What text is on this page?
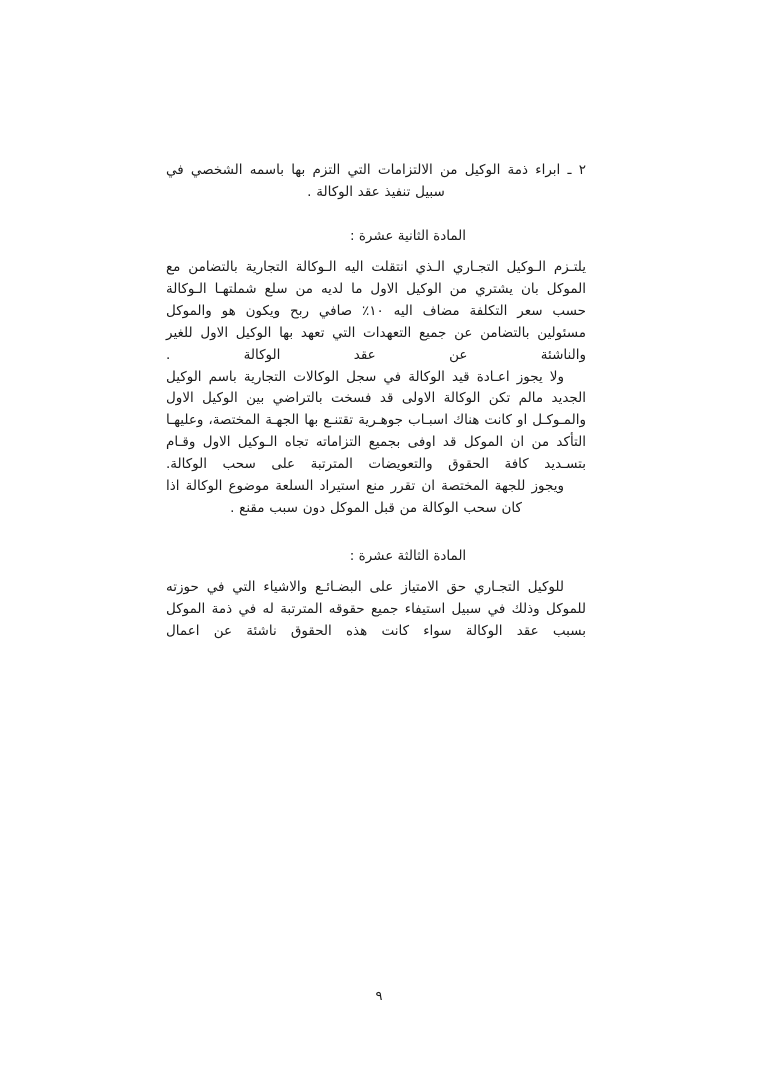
٢ ـ ابراء ذمة الوكيل من الالتزامات التي التزم بها باسمه الشخصي في سبيل تنفيذ عقد الوكالة .

المادة الثانية عشرة :

يلتـزم الـوكيل التجـاري الـذي انتقلت اليه الـوكالة التجارية بالتضامن مع الموكل بان يشتري من الوكيل الاول ما لديه من سلع شملتهـا الـوكالة حسب سعر التكلفة مضاف اليه ١٠٪ صافي ربح ويكون هو والموكل مسئولين بالتضامن عن جميع التعهدات التي تعهد بها الوكيل الاول للغير والناشئة عن عقد الوكالة .

ولا يجوز اعـادة قيد الوكالة في سجل الوكالات التجارية باسم الوكيل الجديد مالم تكن الوكالة الاولى قد فسخت بالتراضي بين الوكيل الاول والمـوكـل او كانت هناك اسبـاب جوهـرية تقتنـع بها الجهـة المختصة، وعليهـا التأكد من ان الموكل قد اوفى بجميع التزاماته تجاه الـوكيل الاول وقـام بتسـديد كافة الحقوق والتعويضات المترتبة على سحب الوكالة.

ويجوز للجهة المختصة ان تقرر منع استيراد السلعة موضوع الوكالة اذا كان سحب الوكالة من قبل الموكل دون سبب مقنع .

المادة الثالثة عشرة :

للوكيل التجـاري حق الامتياز على البضـائـع والاشياء التي في حوزته للموكل وذلك في سبيل استيفاء جميع حقوقه المترتبة له في ذمة الموكل بسبب عقد الوكالة سواء كانت هذه الحقوق ناشئة عن اعمال

٩
